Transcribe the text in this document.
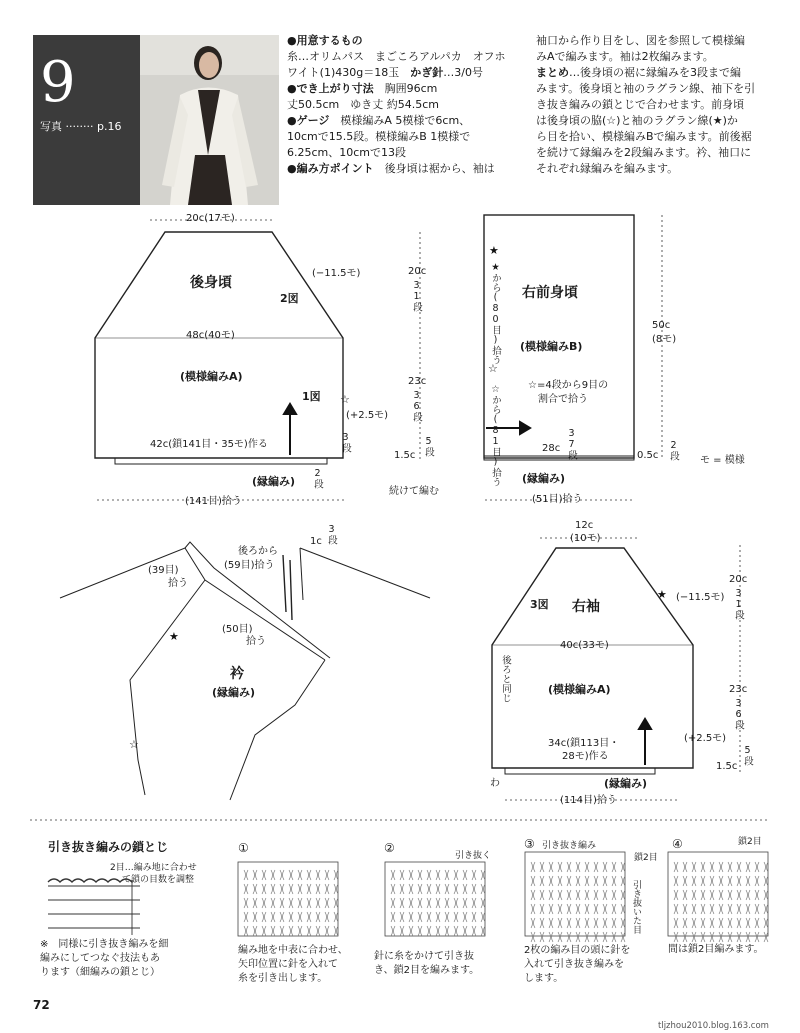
9
写真 ········ p.16
●用意するもの
糸…オリムパス　まごころアルパカ　オフホ
ワイト(1)430g＝18玉　かぎ針…3/0号
●でき上がり寸法　胸囲96cm
丈50.5cm　ゆき丈 約54.5cm
●ゲージ　模様編みA 5模様で6cm、
10cmで15.5段。模様編みB 1模様で
6.25cm、10cmで13段
●編み方ポイント　後身頃は裾から、袖は
袖口から作り目をし、図を参照して模様編
みAで編みます。袖は2枚編みます。
まとめ…後身頃の裾に縁編みを3段まで編
みます。後身頃と袖のラグラン線、袖下を引
き抜き編みの鎖とじで合わせます。前身頃
は後身頃の脇(☆)と袖のラグラン線(★)か
ら目を拾い、模様編みBで編みます。前後裾
を続けて縁編みを2段編みます。衿、袖口に
それぞれ縁編みを編みます。
☆
★
☆
★
☆
★
20c(17モ)
後身頃
2図
(−11.5モ)
48c(40モ)
(模様編みA)
1図
(+2.5モ)
42c(鎖141目・35モ)作る	3段
(縁編み) 2段
(141目)拾う
20c
31段
23c
36段
1.5c 5段
続けて編む
★から(80目)拾う 右前身頃
(模様編みB)
☆から(81目)拾う	☆=4段から9目の
割合で拾う
37段
28c
(縁編み)
(51目)拾う
50c
(8モ)
0.5c 2段 モ = 模様
後ろから
(59目)拾う
(39目)
拾う
(50目)
拾う
1c 3段
衿
(縁編み)
12c
(10モ)
3図 右袖
(−11.5モ)
40c(33モ)
後ろと同じ	(模様編みA)
(+2.5モ)
34c(鎖113目・
28モ)作る
(縁編み)
わ
(114目)拾う
20c
31段
23c
36段
1.5c
5段
引き抜き編みの鎖とじ
2目…編み地に合わせ
て鎖の目数を調整
※　同様に引き抜き編みを細
編みにしてつなぐ技法もあ
ります（細編みの鎖とじ）
①
編み地を中表に合わせ、
矢印位置に針を入れて
糸を引き出します。
②
引き抜く
針に糸をかけて引き抜
き、鎖2目を編みます。
③ 引き抜き編み
鎖2目
引き抜いた目
2枚の編み目の頭に針を
入れて引き抜き編みを
します。
④	鎖2目
間は鎖2目編みます。
72
tljzhou2010.blog.163.com
